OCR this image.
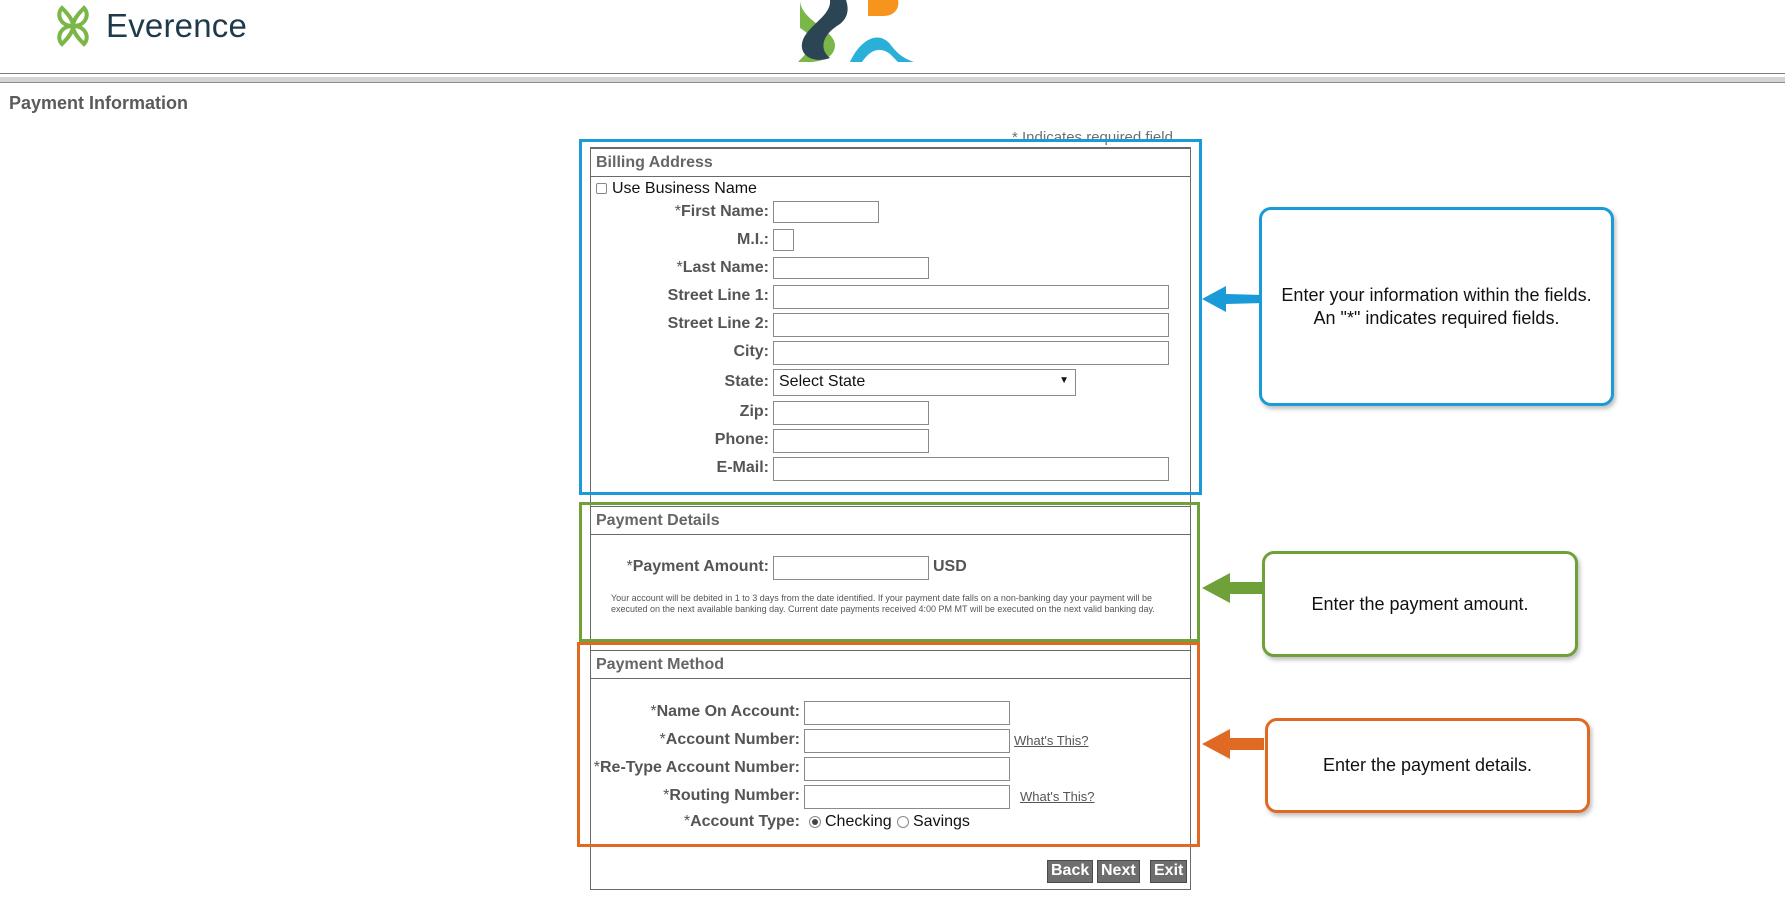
Everence
Payment Information
* Indicates required field
Billing Address
Use Business Name
*First Name:
M.I.:
*Last Name:
Street Line 1:
Street Line 2:
City:
State: Select State	▼
Zip:
Phone:
E-Mail:
Payment Details
*Payment Amount:	USD
Your account will be debited in 1 to 3 days from the date identified. If your payment date falls on a non-banking day your payment will be executed on the next available banking day. Current date payments received 4:00 PM MT will be executed on the next valid banking day.
Payment Method
*Name On Account:
*Account Number:	What's This?
*Re-Type Account Number:
*Routing Number:	What's This?
*Account Type: Checking Savings
Back Next Exit
Enter your information within the fields. An "*" indicates required fields.
Enter the payment amount.
Enter the payment details.
